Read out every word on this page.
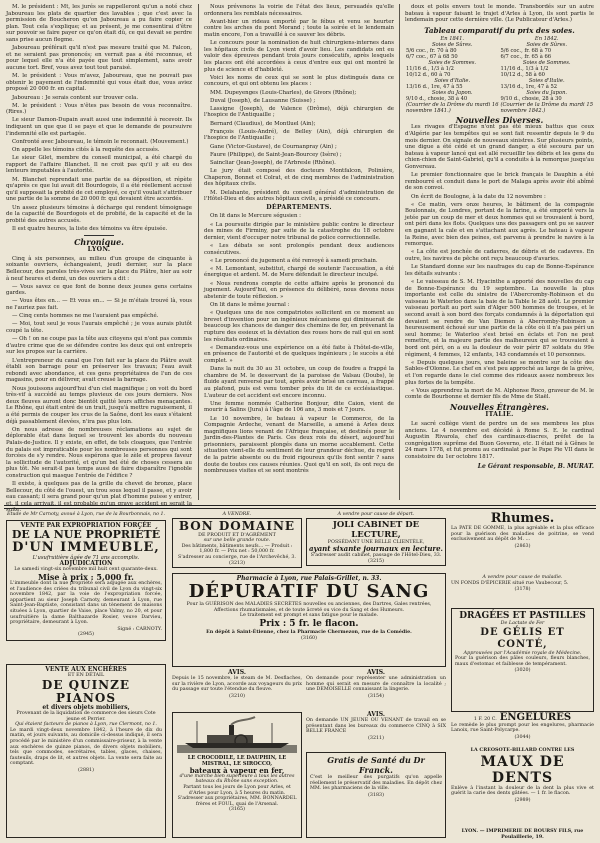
M. le président : Mt, les jurés se rappelleront qu'un a noté chez Jaboureau les plats de quartier des lavables ; que c'est avec la permission de Boucheron qu'on Jaboureau a pu faire copier ce plan. Tout cela s'explique; et au présent, je me consentirai d'être sur pouvoir se faire payer ce qu'on était dû, ce qui devait se perdre sans prise aucun flegme.

Jaboureau préférait qu'il n'est pas mesure traité que M. Falcon, et ne seraient pas prononcés; en verrait pas a été reconnue, et pour lequel elle n'a été payée que tout simplement, sans avoir aucune tort. Bref, vous avez tout tout paraisé.

M. le président : Vous m'avez, Jaboureau, que ne pouvait pas obtenir le payement de l'indemnité qui vous était due, vous aviez proposé 20 000 fr. en capital.

Jaboureau : Je serais content sur trouver cela.

M. le président : Vous n'êtes pas besoin de vous reconnaître. (Rires.)

Le sieur Damon-Dupain avait aussi une indemnité à recevoir. Ils indiquent un que que il se paye et que le demande de poursuivre l'indemnité elle est partagée.

Confronté avec Jaboureau, le témoin le reconnait. (Mouvement.)

On appelle les témoins cités à la requête des accusés.

Le sieur Gilet, membre du conseil municipal, a été chargé du rapport de l'affaire Blanchet. Il ne croit pas qu'il y ait eu des lenteurs imputables à l'autorité.

M. Blanchet reprendait une partie de sa déposition, et répète qu'après ce que lui avait dit Bourdogois, il a été réellement accusé qu'il supposait la probité de cet employé, ce qu'il voulait s'attribuer une partie de la somme de 20 000 fr. qui devaient être accordés.

Un assez plusieurs témoins à décharge qui rendent témoignage de la capacité de Bourdogois et de probité, de la capacité et de la probité des autres accusés.

Il est quatre heures, la liste des témoins va être épuisée.

Chronique.
LYON.

Cinq à six personnes, au milieu d'un groupe de cinquante à soixante ouvriers, échangeaient, jeudi dernier, sur la place Bellecour, des paroles très-vives sur la place du Plâtre, hier au soir à neuf heures et demi, un des ouvriers a dit :

— Vous savez ce que font de bonne deux jeunes gens certains gardes.

— Vous êtes en... — Et vous en... — Si je m'étais trouvé là, vous ne l'auriez pas fait.

— Cinq cents hommes ne me l'auraient pas empêché.

— Moi, tout seul je vous l'aurais empêché ; je vous aurais plutôt coupé la tête.

— Oh ! on ne coupe pas la tête aux citoyens qui n'ont pas commis d'autre crime que de se défendre contre les deux qui ont entrepris sur les propos sur la carrière.

L'entrepreneur du canal que l'on fait sur la place du Plâtre avait établi son barrage pour en préserver les travaux; l'eau avait rebondi avec abondance, et ces gens propriétaires de l'un de ces magasins, pour en délivrer, avait creusé la barrage.

Nous jouissons aujourd'hui d'un ciel magnifique ; on voit du bord très-vif à succédé au temps pluvieux de ces jours derniers. Nos deux fleuves auront donc bientôt quitté leurs affiches menaçantes. Le Rhône, qui était entré de un trait, jusqu'à mettre ruguisement, il a été permis de couper les crus de la Saône, dont les eaux s'étaient déjà passablement élevées, n'ira pas plus loin.

On nous adresse de nombreuses réclamations au sujet de déplorable état dans lequel se trouvent les abords du nouveau Palais-de-Justice. Il y existe, en effet, de tels cloaques, que l'entrée du palais est impraticable pour les nombreuses personnes qui sont forcées de s'y rendre. Nous espérons que le zèle et propres faveur la sollicitude de l'autorité, et qu'un bel été de choses cessera au plus tôt. Ne serait-il pas temps aussi de faire disparaître l'ignoble construction qui masque l'entrée de l'édifice ?

Il existe, à quelques pas de la grille du chevet de bronze, place Bellecour, du côté de l'ouest, un trou sous lequel il passe, et y avoir eau cassant; il sera grand pour qu'un plat d'homme puisse y entrer, et, il cela arrivait, il est probable qu'un grave accident en serait la suite.

Nous prévenons la voirie de l'état des lieux, persuadés qu'elle ordonnera les remblais nécessaires.

Avant-hier un rideau emporté par le fébus et venu se heurter contre les arches du pont Morand ; toute la soirée et le lendemain matin encore, l'on a travaillé à ce sauver les débris.

Le concours pour la nomination de huit chirurgiens-internes dans les hôpitaux civils de Lyon vient d'avoir lieu. Les candidats ont eu valoir des épreuves pendant trois jours consécutifs, après lesquels les places ont été accordées à ceux d'entre eux qui ont montré le plus de science et d'habileté.

Voici les noms de ceux qui se sont le plus distingués dans ce concours, et qui ont obtenu les places :

MM. Dupeyenges (Louis-Charles), de Givors (Rhône);

Duval (Joseph), de Lausanne (Suisse) ;

Lassigne (Joseph), de Valence (Drôme), déjà chirurgien de l'hospice de l'Antiquaille ;

Bernard (Claudius), de Montluel (Ain);

François (Louis-André), de Belley (Ain), déjà chirurgien de l'hospice de l'Antiquaille ;

Gane (Victor-Gustave), de Cournanpray (Ain) ;

Faure (Philippe), de Saint-Jean-Bourcey (Isère) ;

Saincliar (Jean-Joseph), de l'Arbresle (Rhône).

Le jury était composé des docteurs Montfalcon, Polinière, Chaperon, Bonnet et Colrat, et de cinq membres de l'administration des hôpitaux civils.

M. Delahante, président du conseil général d'administration de l'Hôtel-Dieu et des autres hôpitaux civils, a présidé ce concours.

DÉPARTEMENTS.

On lit dans le Mercure ségusien :

« La poursuite dirigée par le ministère public contre le directeur des mines de Firminy, par suite de la catastrophe du 18 octobre dernier, vient d'occuper notre tribunal de police correctionnelle.

« Les débats se sont prolongés pendant deux audiences consécutives.

« Le prononcé du jugement a été renvoyé à samedi prochain.

« M. Lemontant, substitut, chargé de soutenir l'accusation, a été énergique et ardent. M. de Mere défendait le directeur inculpé.

« Nous rendrons compte de cette affaire après le prononcé du jugement. Aujourd'hui, en présence du délibéré, nous devons nous abstenir de toute réflexion. »

On lit dans le même journal :

« Quelques uns de nos compatriotes sollicitent en ce moment au brevet d'invention pour un ingénieux mécanisme qui diminuerait de beaucoup les chances de danger des chemins de fer, en prévenant la rupture des essieux et la déviation des roues hors de rail qui en sont les résultats ordinaires.

« Demandez-vous une expérience on a été faite à l'hôtel-de-ville, en présence de l'autorité et de quelques ingénieurs ; le succès a été complet. »

Dans la nuit du 30 au 31 octobre, un coup de foudre a frappé la chambre de M. le desservant de la paroisse de Valsau (Doubs), le fluide ayant renversé par tout, après avoir brisé un carreau, a frappé au plafond, puis est venu tomber près du lit de ce ecclésiastique. L'auteur de cet accident est encore inconnu.

Une femme nommée Catherine Bonjour, dite Caion, vient de mourir à Salins (Jura) à l'âge de 106 ans, 3 mois et 7 jours.

Le 10 novembre, le bateau à vapeur le Commerce, de la Compagnie Ardeche, venant de Marseille, a amené à Arles deux magnifiques lions venant de l'Afrique française, et destinés pour le Jardin-des-Plantes de Paris. Ces deux rois du désert, aujourd'hui prisonniers, paraissent plongés dans un morne accablement. Cette situation vient-elle du sentiment de leur grandeur déchue, du regret de la patrie absente ou du froid rigoureux qu'ils font sentir ? sans doute de toutes ces causes réunies. Quoi qu'il en soit, ils ont reçu de nombreuses visites et se sont montrés

doux et polis envers tout le monde. Transbordés sur un autre bateau à vapeur faisant le trajet d'Arles à Lyon, ils sont partis le lendemain pour cette dernière ville. (Le Publicateur d'Arles.)

Tableau comparatif du prix des soies.	
En 1841.	En 1842.
Soies de Sûres.	Soies de Sûres.
5/6 coc., fr. 70 à 80	5/6 coc., fr. 68 à 70
6/7 coc., 67 à 68 50	6/7 coc., fr. 65 à 66
Soies de Sommes.	Soies de Sommes.
11/16 d., 1/3 à 1/2	11/16 d., 1/3 à 1/2
10/12 d., 60 à 70	10/12 d., 58 à 60
Soies d'Italie.	Soies d'Italie.
13/16 d., 1re, 47 à 55	13/16 d., 1re, 47 à 52
Soies du Japon.	Soies du Japon.
9/10 d., chosie, 38 à 40	9/10 d., chosie, 28 à 30
(Courrier de la Drôme du mardi 16 novembre 1841.)	(Courrier de la Drôme du mardi 15 novembre 1842.)
Nouvelles Diverses.

Les rivages d'Espagne n'ont pas été mieux battus que ceux d'Algérie par les tempêtes qui se sont fait ressentir depuis le 9 du mois dernier. On signale de nouveaux sinistres. Sur plusieurs points, une digue a été cédé et un grand danger, a été secouru par un bateau à vapeur lancé qui est allé recueillir les débris et les gens du chien-chien de Saint-Gabriel, qu'il a conduits à la remorque jusqu'au Gonvereau.

Le premier fonctionnaire que le brick français le Dauphin a été rembourré et conduit dans le port de Malaga après avoir été abîmé de son convoi.

On écrit de Boulogne, à la date du 12 novembre :

« Ce matin, vers onze heures, le bâtiment de la compagnie Boulonnais, de Londres, portant de la farine, a été emporté vers la jetée par un coup de mer et deux hommes qui se trouvaient à bord, ont péri dans les flots. Quelques uns des passagers ont pu se sauver en gagnant la cale et en s'attachant aux agrès. Le bateau à vapeur la Reine, avec bien des peines, est parvenu à prendre le navire à la remorque.

« La côte est jonchée de cadavres, de débris et de cadavres. En outre, les navires de pêche ont reçu beaucoup d'avaries.

Le Standard donne sur les naufrages du cap de Bonne-Espérance les détails suivants :

« Le vaisseau de S. M. Hyacinthe a apporté des nouvelles du cap de Bonne-Espérance du 19 septembre. La nouvelle la plus importante est celle du sinistre de l'Abercromby-Robinson et du vaisseau le Waterloo dans la baie de la Table le 28 août. Le premier vaisseau portait au port sain d'Alger 500 hommes de troupes, et le second avait à son bord des forçats condamnés à la déportation qui devaient se rendre de Van Diemen à Aberromby-Robinson a heureusement échoué sur une partie de la côte où il n'a pas péri un seul homme; le Waterloo s'est brisé en éclats et l'on ne peut remettre, et la majeure partie des malheureux qui se trouvaient à bord ont péri, on a eu la douleur de voir périr 87 soldats du 99e régiment, 4 femmes, 12 enfants, 143 condamnés et 10 personnes.

« Depuis quelques jours, une baleine se montre sur la côte des Sables-d'Olonne. Le chef en s'est peu approché au large de la grève, et l'on regarde dans le ciel comme des rideaux assez nombreux les plus fortes de la tempête.

« Vous apprendrez la mort de M. Alphonse Roco, graveur de M. le comte de Bourbonne et dernier fils de Mme de Staël.

Nouvelles Étrangères.
ITALIE.

Le sacré collège vient de perdre un de ses membres les plus anciens. Le 4 novembre est décédé à Rome S. E. le cardinal Augustin Rivarola, chef des cardinaux-diacres, préfet de la congrégation suprême del Buon Governo, etc. Il était né à Gênes le 24 mars 1778, et fut promu au cardinalat par le Pape Pie VII dans le consistoire du 1er octobre 1817.

Le Gérant responsable, B. MURAT.
Etude de Mr Carnoty, avoué à Lyon, rue de la Bourbonnais, no 1.
VENTE PAR EXPROPRIATION FORCÉE
DE LA NUE PROPRIÉTÉ
D'UN IMMEUBLE,
L'usufruitière âgée de 71 ans accomplis.
ADJUDICATION
Le samedi vingt-six novembre mil huit cent quarante-deux.
Mise à prix : 5,000 fr.

L'immeuble dont la nue propriété sera adjugée aux enchères, et l'audience des criées du tribunal civil de Lyon du vingt-six novembre 1842, par la voie de l'expropriation forcée, appartient au sieur Joseph Carnoty, demeurant à Lyon, rue Saint-Jean-Baptiste, consistant dans un tènement de maisons situées à Lyon, quartier de Vaise, place Valmy, no 20, et pour usufruitière la dame Balthazarde Rosier, veuve Darvieu, propriétaire, demeurant à Lyon.

Signé : CARNOTY.
(2945)
VENTE AUX ENCHÈRES
ET EN DÉTAIL
DE QUINZE PIANOS
et divers objets mobiliers,
Provenant de la liquidation de commerce des sieurs Cote jeune et Perrier.
Qui étaient facteurs de pianos à Lyon, rue Clermont, no 1.

Le mardi vingt-deux novembre 1842, à l'heure de dix du matin, et jours suivants, au domicile ci-dessus indiqué, il sera procédé par le ministère d'un commissaire-priseur, à la vente aux enchères de quinze pianos, de divers objets mobiliers, tels que commodes, secrétaires, tables, glaces, chaises, fauteuils, draps de lit, et autres objets. La vente sera faite au comptant.

(2881)
A VENDRE.
BON DOMAINE
DE PRODUIT ET D'AGRÉMENT
sur une belle grande route.
Des bâtiments, bâtiments neufs… — Produit : 1,800 fr. — Prix net : 50,000 fr.
S'adresser au concierge, rue de l'Archevêché, 3.
(3213)
A vendre pour cause de départ.
JOLI CABINET DE LECTURE,
POSSÉDANT UNE BELLE CLIENTÈLE,
ayant sixante journaux en lecture.
S'adresser audit cabinet, passage de l'Hôtel-Dieu, 33.
(3215)
Pharmacie à Lyon, rue Palais-Grillet, n. 33.
DÉPURATIF DU SANG
Pour la GUÉRISON des MALADIES SECRÈTES nouvelles ou anciennes, des Dartres, Gales rentrées, Affections rhumatismales, et de toute âcreté ou vice du Sang et des Humeurs.
Le traitement est prompt et sans fatigue pour le malade.
Prix : 5 fr. le flacon.
En dépôt à Saint-Étienne, chez la Pharmacie Chermezon, rue de la Comédie.
(3160)
AVIS.

Depuis le 15 novembre, le steam de M. Desflaches, sur la rivière de Lyon, accorde aux voyageurs du prix du passage sur toute l'étendue du fleuve.

(3210)
AVIS.

On demande pour représenter une administration un homme qui serait en mesure de connaître la localité ; une DEMOISELLE connaissant la lingerie.

(3154)
AVIS.

On demande UN JEUNE OU VENANT de travail en se présentant dans les bureaux du commerce CINQ à SIX BELLE FRANCE

(3211)
LE CROCODILE, LE DAUPHIN, LE MISTRAL, LE SIROCCO,
bateaux à vapeur en fer,
d'une marche bien supérieure à tous les autres bateaux du Rhône sans exception.
Partant tous les jours de Lyon pour Arles, et d'Arles pour Lyon, à 5 heures du matin.
S'adresser aux propriétaires, MM. BONNARDEL frères et FOUL, quai de l'Arsenal.
(3165)
Gratis de Santé du Dr Franck.

C'est le meilleur des purgatifs qu'on appelle réellement le préservatif des maladies. En dépôt chez MM. les pharmaciens de la ville.

(3183)
Rhumes.

La PATE DE GOMME, la plus agréable et la plus efficace pour la guérison des maladies de poitrine, se vend exclusivement au dépôt de M. …

(2863)
A vendre pour cause de maladie.

UN FONDS D'ÉPICERIE situé rue Vaubecour, 5.

(3178)
DRAGÉES ET PASTILLES
De Lactate de Fer
DE GÉLIS ET CONTÉ,
Approuvées par l'Académie royale de Médecine.

Pour la guérison des pâles couleurs, fleurs blanches, maux d'estomac et faiblesse de tempérament.

(3020)
1 F. 20 C. ENGELURES

Le remède le plus prompt pour les engelures, pharmacie Lanoix, rue Saint-Polycarpe.

(3044)
LA CREOSOTE-BILLARD CONTRE LES
MAUX DE DENTS

Enlève à l'instant la douleur de la dent la plus vive et guérit la carie des dents gâtées. — 1 fr. le flacon.

(2989)
LYON. — IMPRIMERIE DE BOURSY FILS, rue Poulaillerie, 19.
